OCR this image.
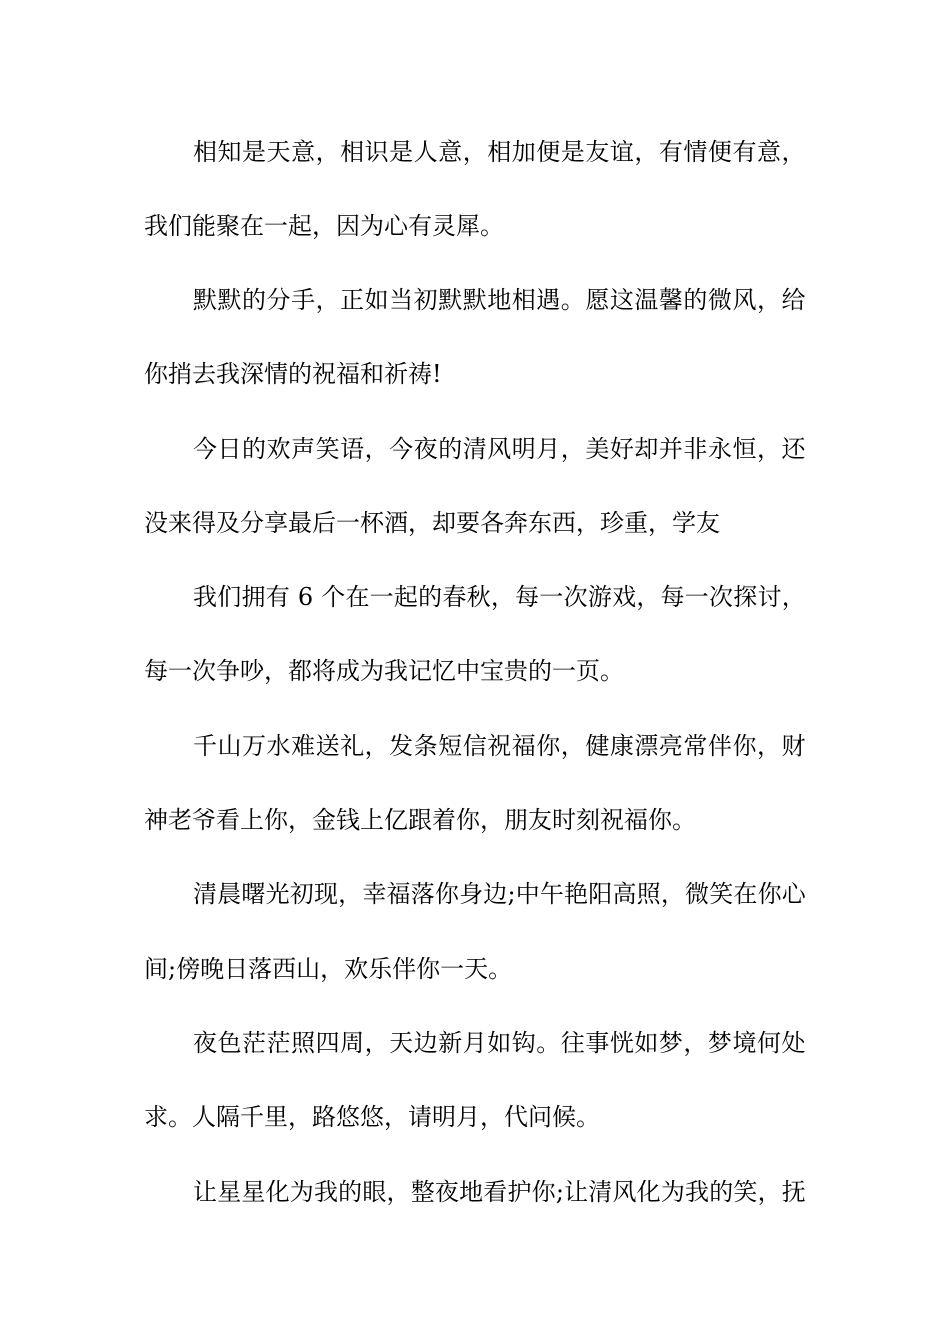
相知是天意，相识是人意，相加便是友谊，有情便有意，
我们能聚在一起，因为心有灵犀。
默默的分手，正如当初默默地相遇。愿这温馨的微风，给
你捎去我深情的祝福和祈祷!
今日的欢声笑语，今夜的清风明月，美好却并非永恒，还
没来得及分享最后一杯酒，却要各奔东西，珍重，学友
我们拥有 6 个在一起的春秋，每一次游戏，每一次探讨，
每一次争吵，都将成为我记忆中宝贵的一页。
千山万水难送礼，发条短信祝福你，健康漂亮常伴你，财
神老爷看上你，金钱上亿跟着你，朋友时刻祝福你。
清晨曙光初现，幸福落你身边;中午艳阳高照，微笑在你心
间;傍晚日落西山，欢乐伴你一天。
夜色茫茫照四周，天边新月如钩。往事恍如梦，梦境何处
求。人隔千里，路悠悠，请明月，代问候。
让星星化为我的眼，整夜地看护你;让清风化为我的笑，抚
